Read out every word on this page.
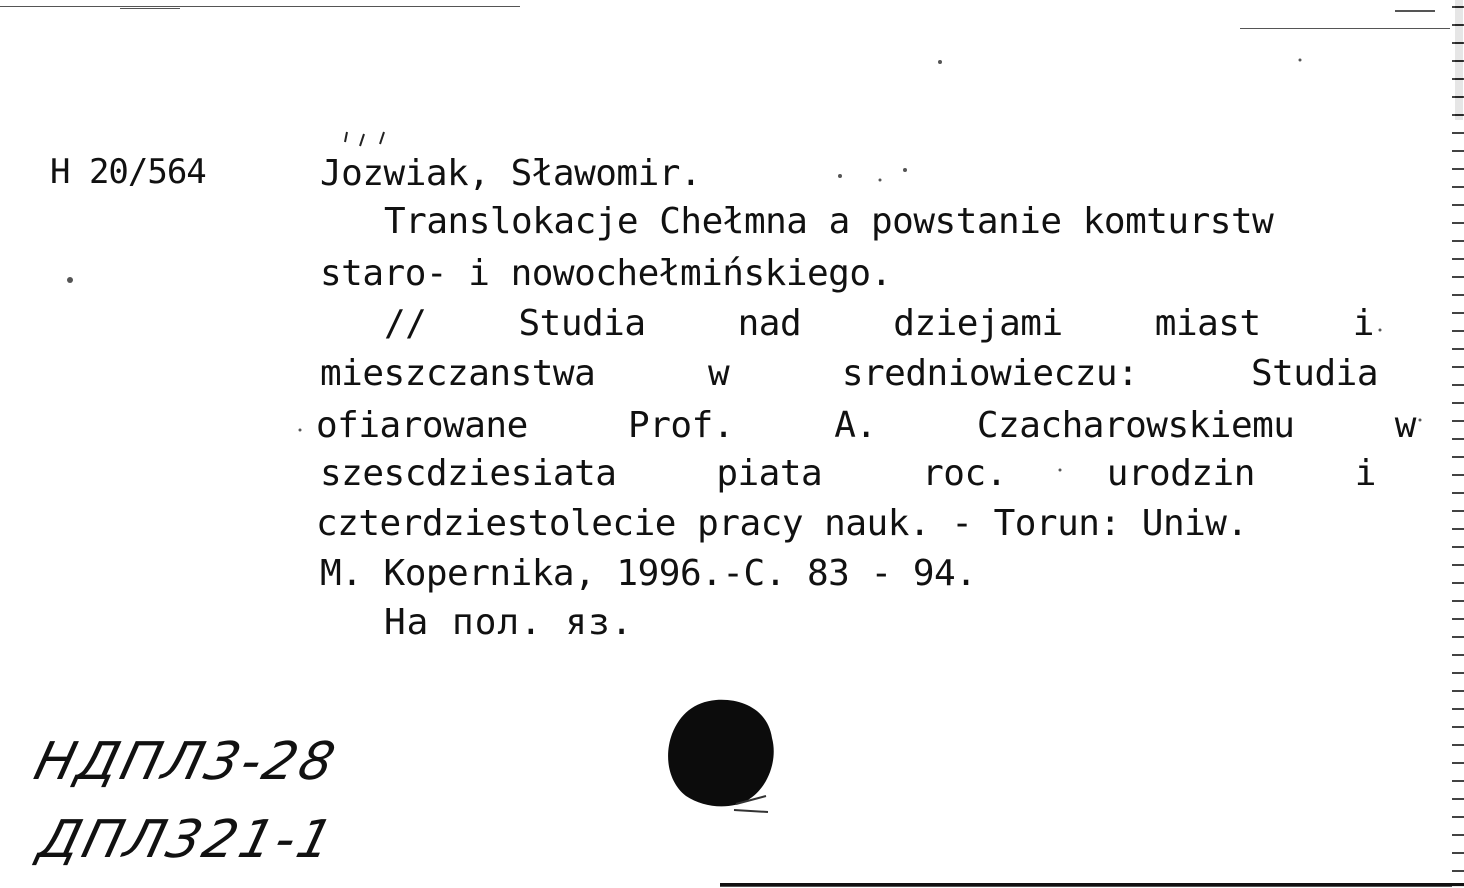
H 20/564	Jozwiak, Sławomir.
Translokacje Chełmna a powstanie komturstw
staro- i nowochełmińskiego.
//	Studia	nad	dziejami	miast	i
mieszczanstwa	w	sredniowieczu:	Studia
ofiarowane	Prof.	A.	Czacharowskiemu	w
szescdziesiata	piata	roc.	urodzin	i
czterdziestolecie pracy nauk. - Torun: Uniw.
M. Kopernika, 1996.-C. 83 - 94.
На пол. яз.
НДПЛ3-28
ДПЛ321-1
